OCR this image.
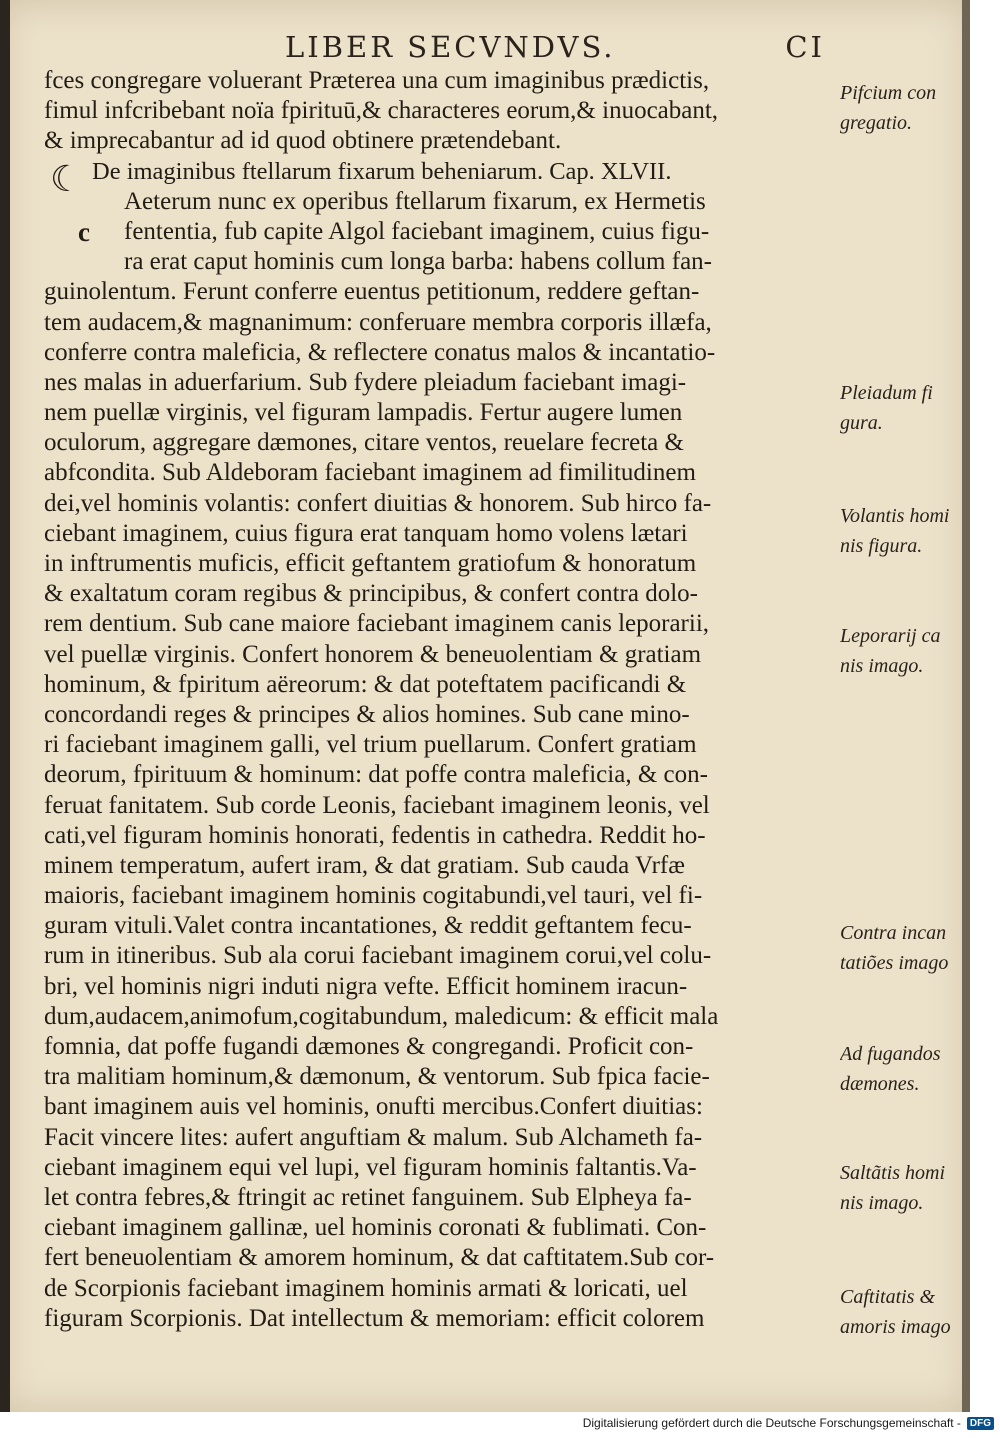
LIBER SECVNDVS.	CI
☾
c
fces congregare voluerant Præterea una cum imaginibus prædictis,
fimul infcribebant noïa fpirituū,& characteres eorum,& inuocabant,
& imprecabantur ad id quod obtinere prætendebant.
De imaginibus ftellarum fixarum beheniarum. Cap. XLVII.
Aeterum nunc ex operibus ftellarum fixarum, ex Hermetis
fententia, fub capite Algol faciebant imaginem, cuius figu-
ra erat caput hominis cum longa barba: habens collum fan-
guinolentum. Ferunt conferre euentus petitionum, reddere geftan-
tem audacem,& magnanimum: conferuare membra corporis illæfa,
conferre contra maleficia, & reflectere conatus malos & incantatio-
nes malas in aduerfarium. Sub fydere pleiadum faciebant imagi-
nem puellæ virginis, vel figuram lampadis. Fertur augere lumen
oculorum, aggregare dæmones, citare ventos, reuelare fecreta &
abfcondita. Sub Aldeboram faciebant imaginem ad fimilitudinem
dei,vel hominis volantis: confert diuitias & honorem. Sub hirco fa-
ciebant imaginem, cuius figura erat tanquam homo volens lætari
in inftrumentis muficis, efficit geftantem gratiofum & honoratum
& exaltatum coram regibus & principibus, & confert contra dolo-
rem dentium. Sub cane maiore faciebant imaginem canis leporarii,
vel puellæ virginis. Confert honorem & beneuolentiam & gratiam
hominum, & fpiritum aëreorum: & dat poteftatem pacificandi &
concordandi reges & principes & alios homines. Sub cane mino-
ri faciebant imaginem galli, vel trium puellarum. Confert gratiam
deorum, fpirituum & hominum: dat poffe contra maleficia, & con-
feruat fanitatem. Sub corde Leonis, faciebant imaginem leonis, vel
cati,vel figuram hominis honorati, fedentis in cathedra. Reddit ho-
minem temperatum, aufert iram, & dat gratiam. Sub cauda Vrfæ
maioris, faciebant imaginem hominis cogitabundi,vel tauri, vel fi-
guram vituli.Valet contra incantationes, & reddit geftantem fecu-
rum in itineribus. Sub ala corui faciebant imaginem corui,vel colu-
bri, vel hominis nigri induti nigra vefte. Efficit hominem iracun-
dum,audacem,animofum,cogitabundum, maledicum: & efficit mala
fomnia, dat poffe fugandi dæmones & congregandi. Proficit con-
tra malitiam hominum,& dæmonum, & ventorum. Sub fpica facie-
bant imaginem auis vel hominis, onufti mercibus.Confert diuitias:
Facit vincere lites: aufert anguftiam & malum. Sub Alchameth fa-
ciebant imaginem equi vel lupi, vel figuram hominis faltantis.Va-
let contra febres,& ftringit ac retinet fanguinem. Sub Elpheya fa-
ciebant imaginem gallinæ, uel hominis coronati & fublimati. Con-
fert beneuolentiam & amorem hominum, & dat caftitatem.Sub cor-
de Scorpionis faciebant imaginem hominis armati & loricati, uel
figuram Scorpionis. Dat intellectum & memoriam: efficit colorem
Pifcium con
gregatio.
Pleiadum fi
gura.
Volantis homi
nis figura.
Leporarij ca
nis imago.
Contra incan
tatiões imago
Ad fugandos
dæmones.
Saltãtis homi
nis imago.
Caftitatis &
amoris imago
Digitalisierung gefördert durch die Deutsche Forschungsgemeinschaft - DFG
